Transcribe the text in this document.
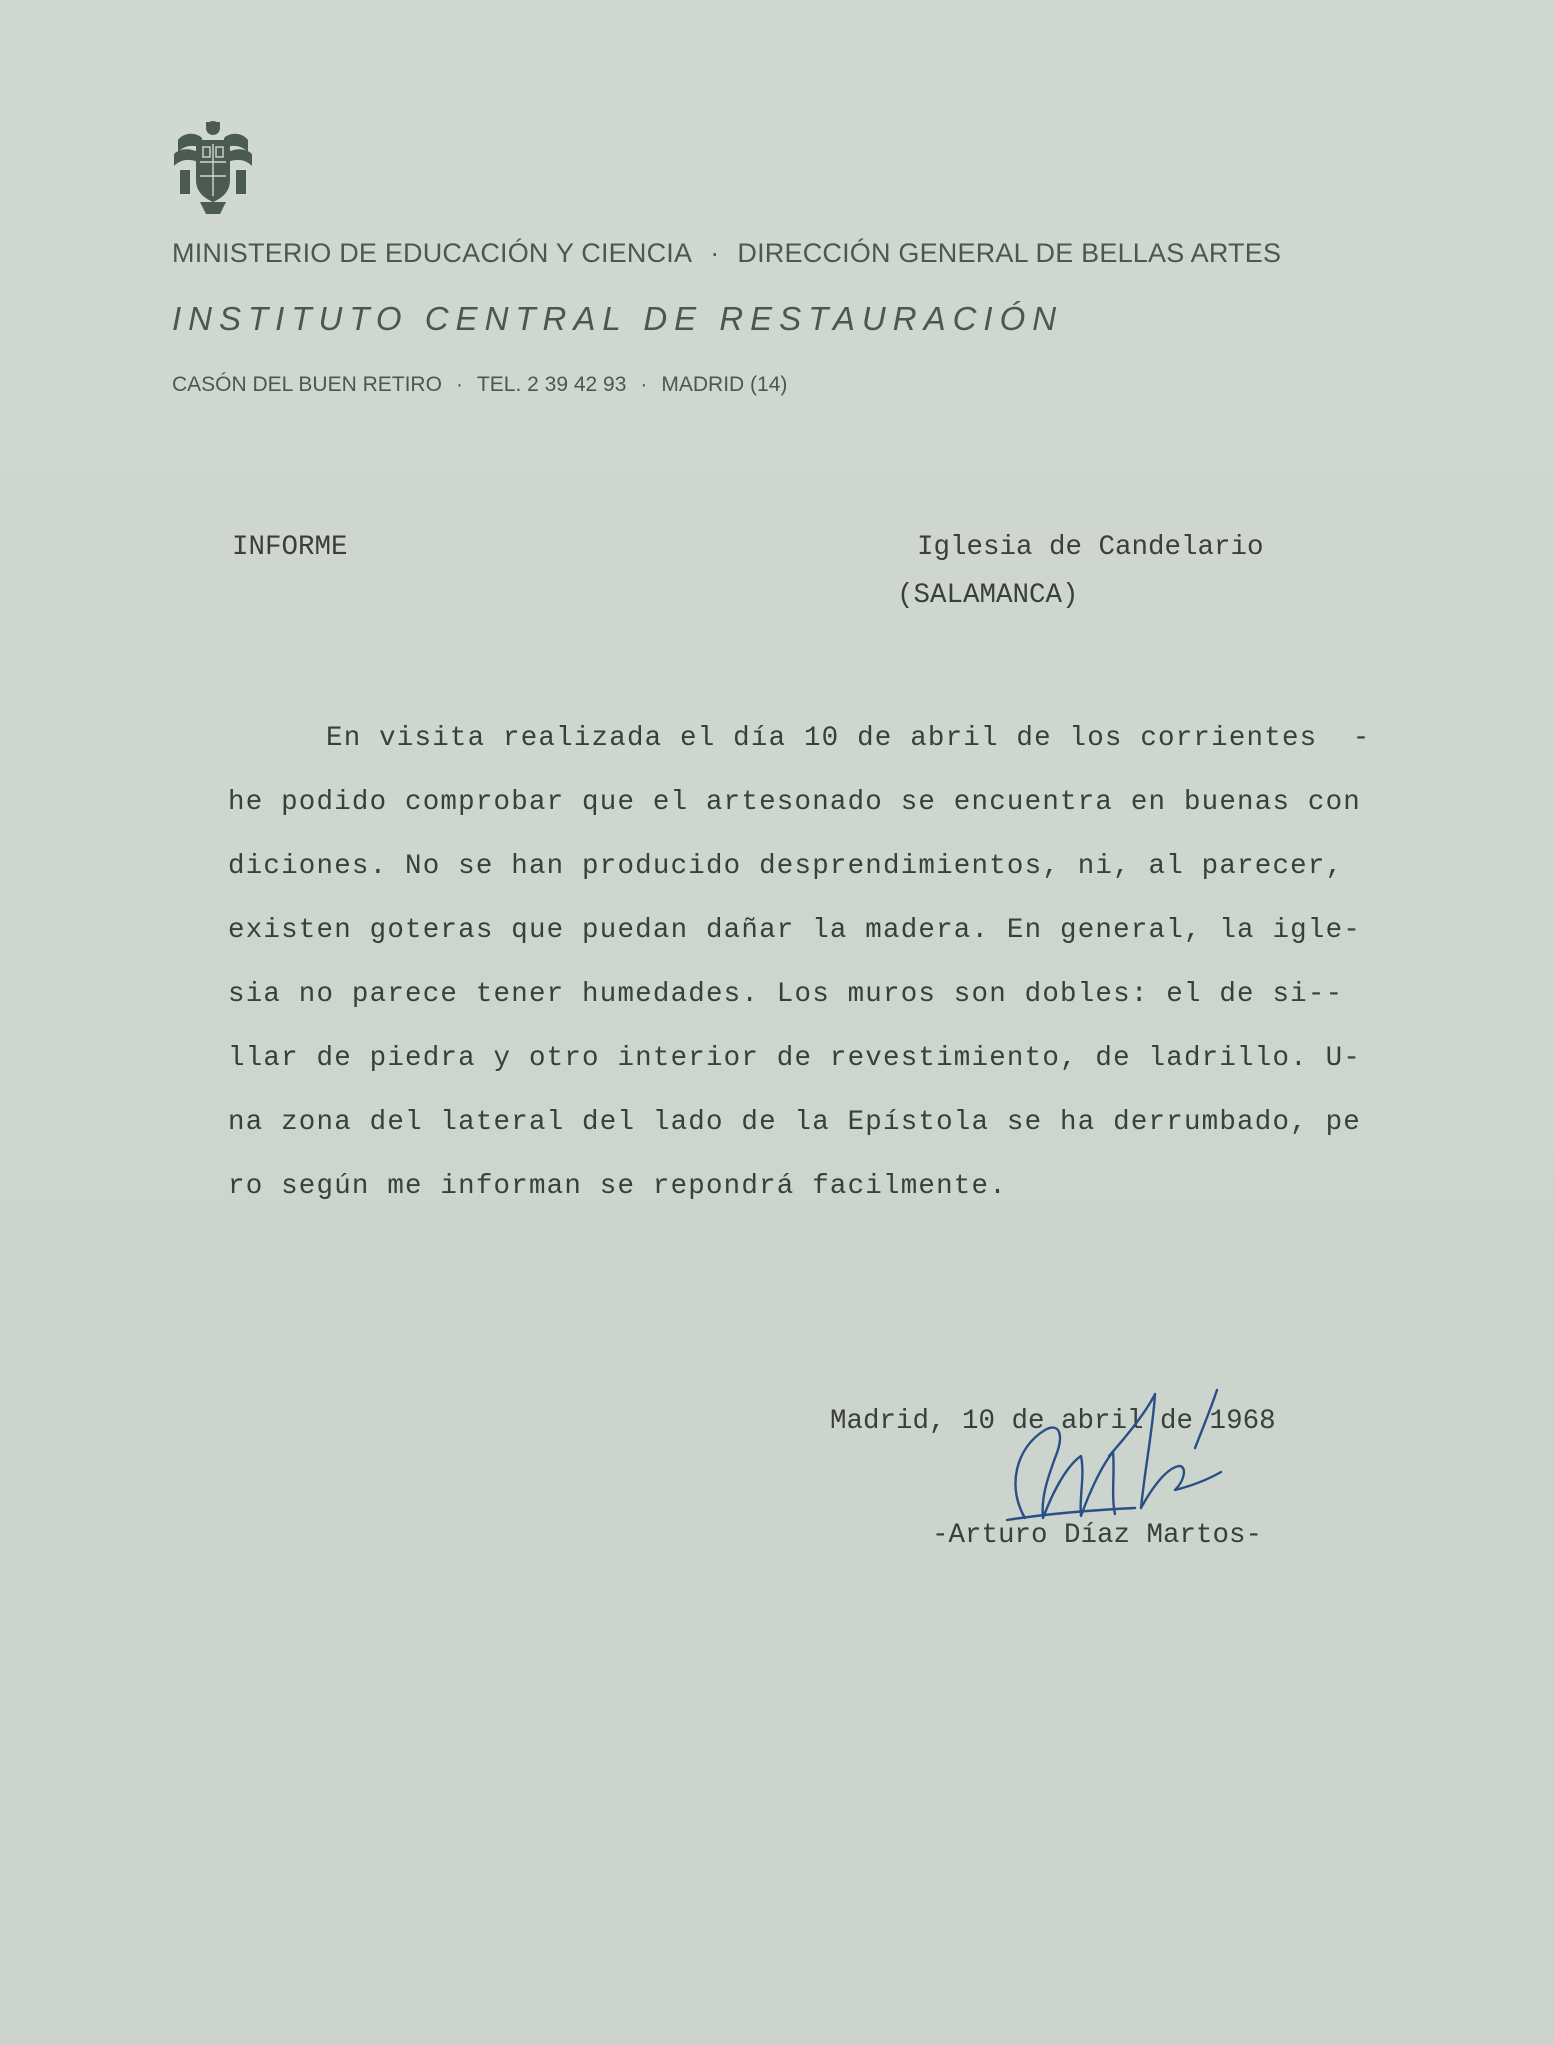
MINISTERIO DE EDUCACIÓN Y CIENCIA · DIRECCIÓN GENERAL DE BELLAS ARTES
INSTITUTO CENTRAL DE RESTAURACIÓN
CASÓN DEL BUEN RETIRO · TEL. 2 39 42 93 · MADRID (14)
INFORME	Iglesia de Candelario
(SALAMANCA)
En visita realizada el día 10 de abril de los corrientes  -
he podido comprobar que el artesonado se encuentra en buenas con
diciones. No se han producido desprendimientos, ni, al parecer,
existen goteras que puedan dañar la madera. En general, la igle-
sia no parece tener humedades. Los muros son dobles: el de si--
llar de piedra y otro interior de revestimiento, de ladrillo. U-
na zona del lateral del lado de la Epístola se ha derrumbado, pe
ro según me informan se repondrá facilmente.
Madrid, 10 de abril de 1968
-Arturo Díaz Martos-
